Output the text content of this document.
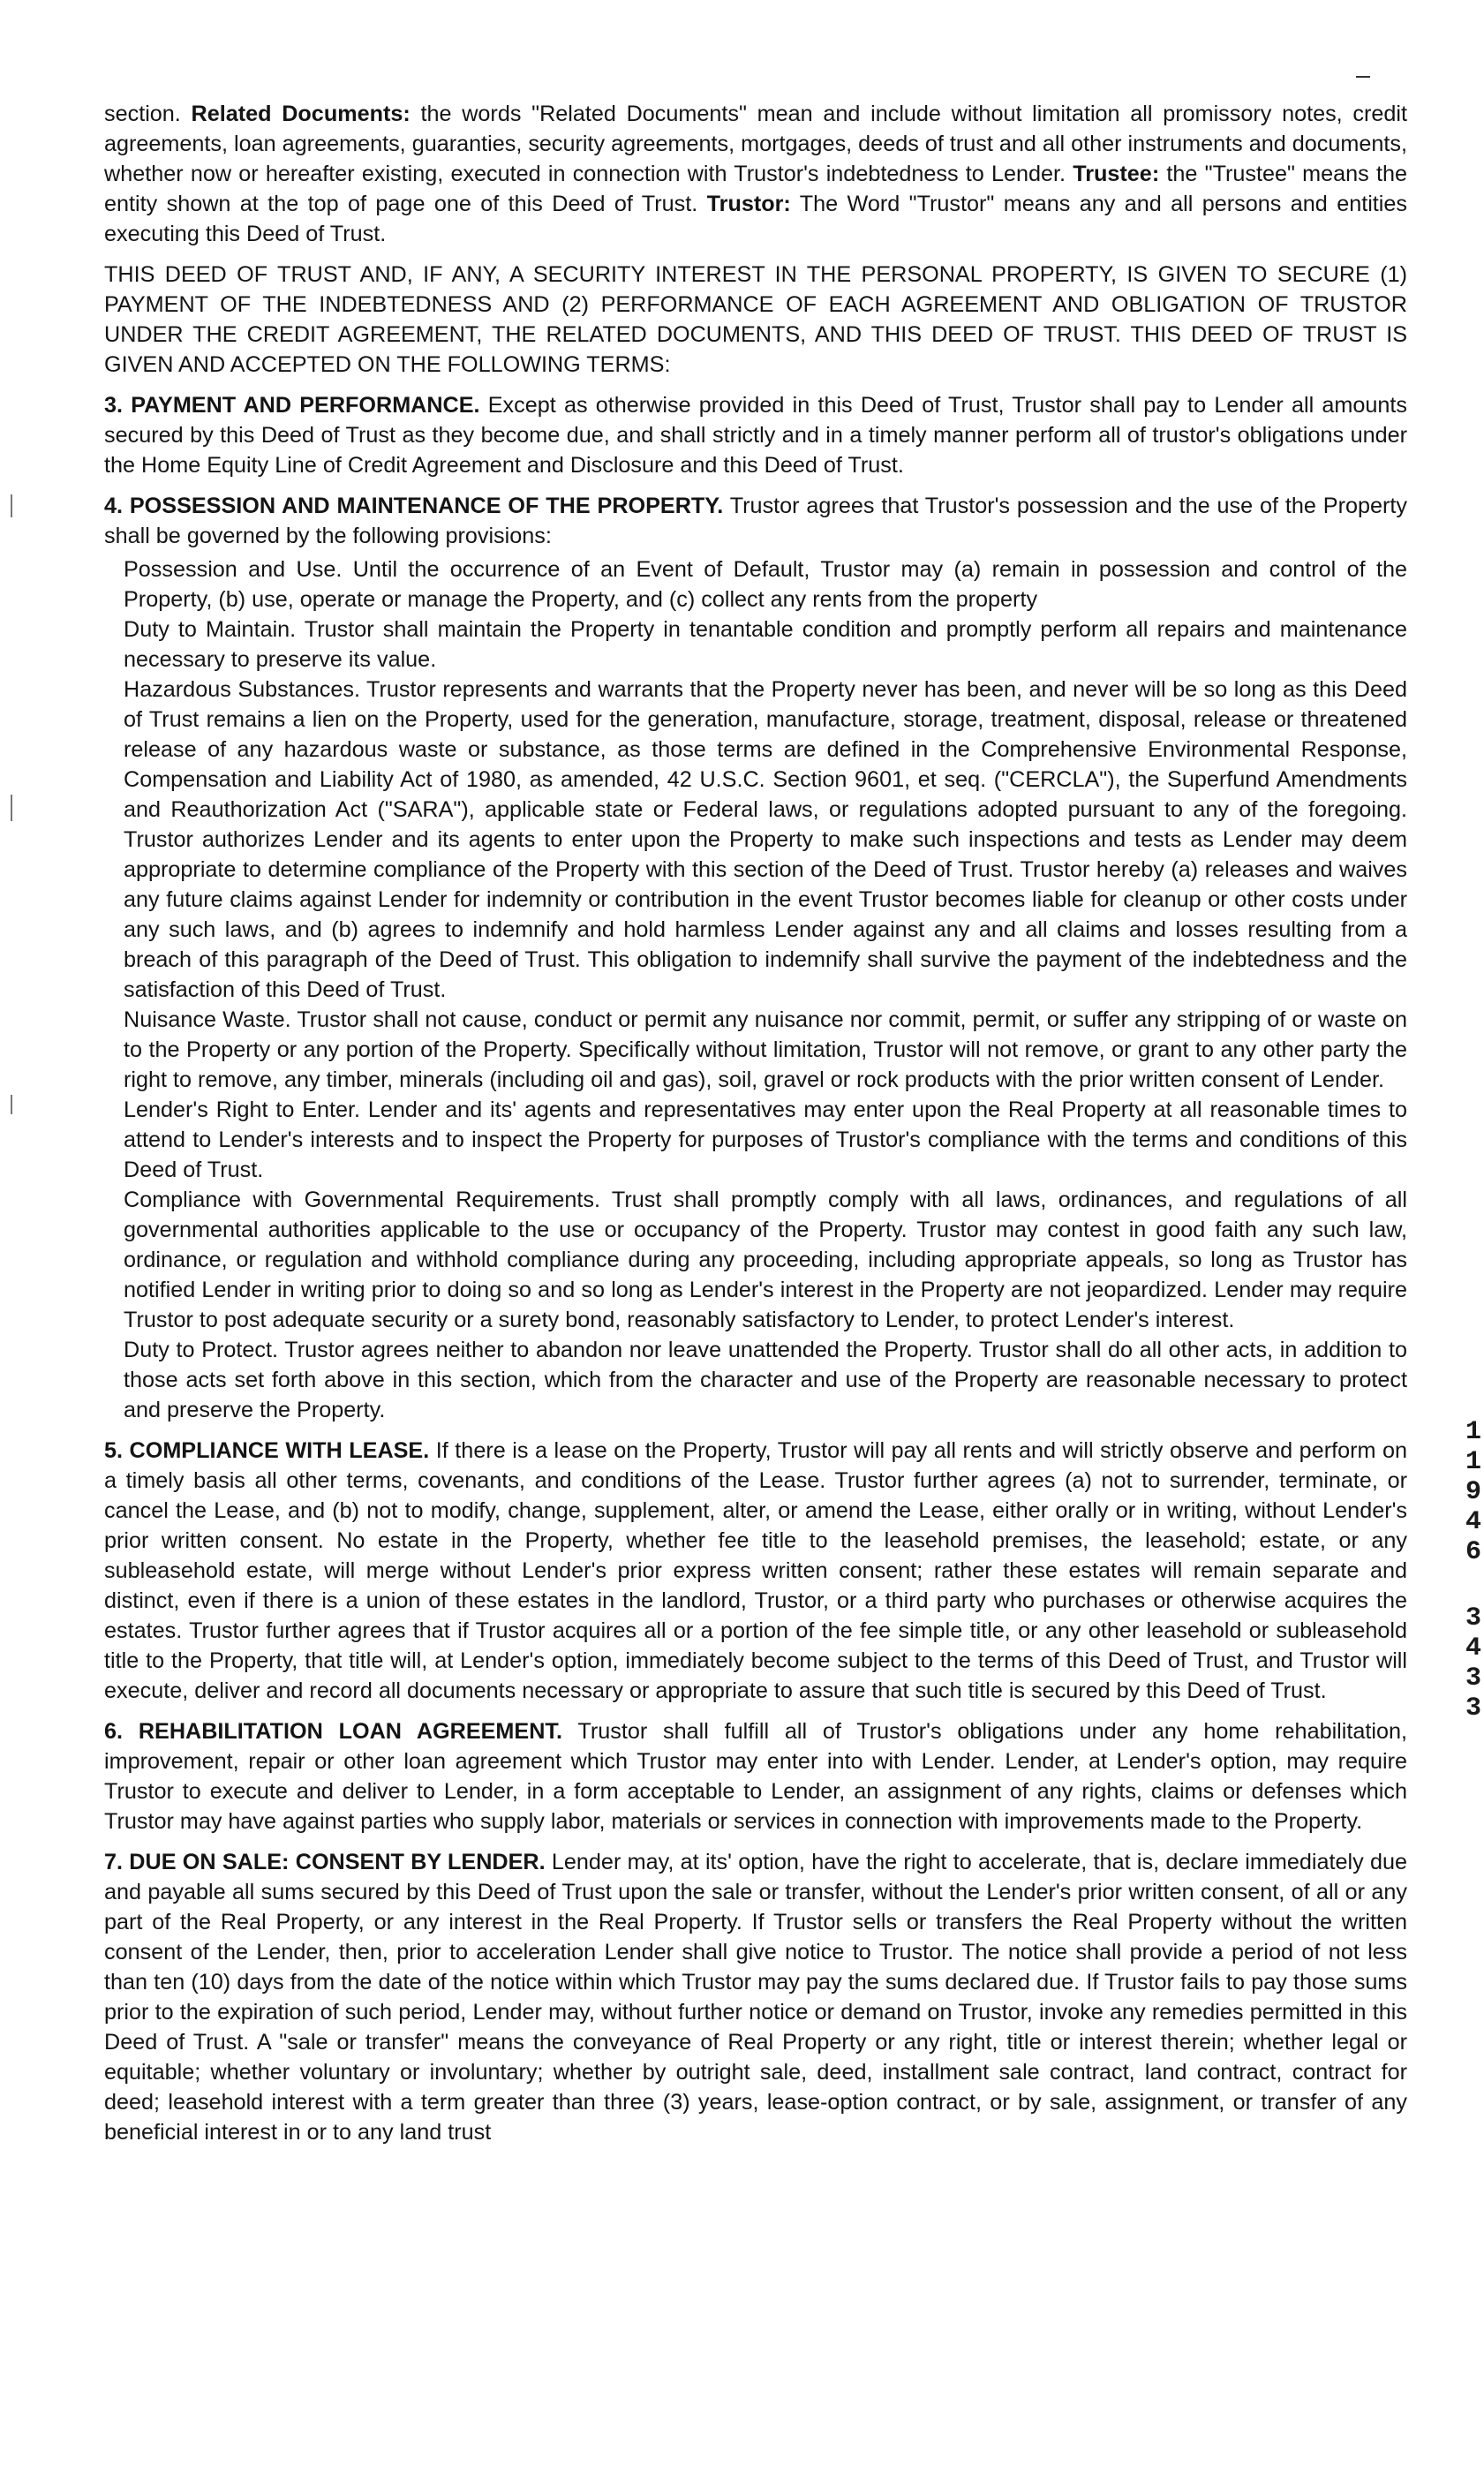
section. Related Documents: the words "Related Documents" mean and include without limitation all promissory notes, credit agreements, loan agreements, guaranties, security agreements, mortgages, deeds of trust and all other instruments and documents, whether now or hereafter existing, executed in connection with Trustor's indebtedness to Lender. Trustee: the "Trustee" means the entity shown at the top of page one of this Deed of Trust. Trustor: The Word "Trustor" means any and all persons and entities executing this Deed of Trust.

THIS DEED OF TRUST AND, IF ANY, A SECURITY INTEREST IN THE PERSONAL PROPERTY, IS GIVEN TO SECURE (1) PAYMENT OF THE INDEBTEDNESS AND (2) PERFORMANCE OF EACH AGREEMENT AND OBLIGATION OF TRUSTOR UNDER THE CREDIT AGREEMENT, THE RELATED DOCUMENTS, AND THIS DEED OF TRUST. THIS DEED OF TRUST IS GIVEN AND ACCEPTED ON THE FOLLOWING TERMS:

3. PAYMENT AND PERFORMANCE. Except as otherwise provided in this Deed of Trust, Trustor shall pay to Lender all amounts secured by this Deed of Trust as they become due, and shall strictly and in a timely manner perform all of trustor's obligations under the Home Equity Line of Credit Agreement and Disclosure and this Deed of Trust.

4. POSSESSION AND MAINTENANCE OF THE PROPERTY. Trustor agrees that Trustor's possession and the use of the Property shall be governed by the following provisions:

Possession and Use. Until the occurrence of an Event of Default, Trustor may (a) remain in possession and control of the Property, (b) use, operate or manage the Property, and (c) collect any rents from the property

Duty to Maintain. Trustor shall maintain the Property in tenantable condition and promptly perform all repairs and maintenance necessary to preserve its value.

Hazardous Substances. Trustor represents and warrants that the Property never has been, and never will be so long as this Deed of Trust remains a lien on the Property, used for the generation, manufacture, storage, treatment, disposal, release or threatened release of any hazardous waste or substance, as those terms are defined in the Comprehensive Environmental Response, Compensation and Liability Act of 1980, as amended, 42 U.S.C. Section 9601, et seq. ("CERCLA"), the Superfund Amendments and Reauthorization Act ("SARA"), applicable state or Federal laws, or regulations adopted pursuant to any of the foregoing. Trustor authorizes Lender and its agents to enter upon the Property to make such inspections and tests as Lender may deem appropriate to determine compliance of the Property with this section of the Deed of Trust. Trustor hereby (a) releases and waives any future claims against Lender for indemnity or contribution in the event Trustor becomes liable for cleanup or other costs under any such laws, and (b) agrees to indemnify and hold harmless Lender against any and all claims and losses resulting from a breach of this paragraph of the Deed of Trust. This obligation to indemnify shall survive the payment of the indebtedness and the satisfaction of this Deed of Trust.

Nuisance Waste. Trustor shall not cause, conduct or permit any nuisance nor commit, permit, or suffer any stripping of or waste on to the Property or any portion of the Property. Specifically without limitation, Trustor will not remove, or grant to any other party the right to remove, any timber, minerals (including oil and gas), soil, gravel or rock products with the prior written consent of Lender.

Lender's Right to Enter. Lender and its' agents and representatives may enter upon the Real Property at all reasonable times to attend to Lender's interests and to inspect the Property for purposes of Trustor's compliance with the terms and conditions of this Deed of Trust.

Compliance with Governmental Requirements. Trust shall promptly comply with all laws, ordinances, and regulations of all governmental authorities applicable to the use or occupancy of the Property. Trustor may contest in good faith any such law, ordinance, or regulation and withhold compliance during any proceeding, including appropriate appeals, so long as Trustor has notified Lender in writing prior to doing so and so long as Lender's interest in the Property are not jeopardized. Lender may require Trustor to post adequate security or a surety bond, reasonably satisfactory to Lender, to protect Lender's interest.

Duty to Protect. Trustor agrees neither to abandon nor leave unattended the Property. Trustor shall do all other acts, in addition to those acts set forth above in this section, which from the character and use of the Property are reasonable necessary to protect and preserve the Property.

5. COMPLIANCE WITH LEASE. If there is a lease on the Property, Trustor will pay all rents and will strictly observe and perform on a timely basis all other terms, covenants, and conditions of the Lease. Trustor further agrees (a) not to surrender, terminate, or cancel the Lease, and (b) not to modify, change, supplement, alter, or amend the Lease, either orally or in writing, without Lender's prior written consent. No estate in the Property, whether fee title to the leasehold premises, the leasehold; estate, or any subleasehold estate, will merge without Lender's prior express written consent; rather these estates will remain separate and distinct, even if there is a union of these estates in the landlord, Trustor, or a third party who purchases or otherwise acquires the estates. Trustor further agrees that if Trustor acquires all or a portion of the fee simple title, or any other leasehold or subleasehold title to the Property, that title will, at Lender's option, immediately become subject to the terms of this Deed of Trust, and Trustor will execute, deliver and record all documents necessary or appropriate to assure that such title is secured by this Deed of Trust.

6. REHABILITATION LOAN AGREEMENT. Trustor shall fulfill all of Trustor's obligations under any home rehabilitation, improvement, repair or other loan agreement which Trustor may enter into with Lender. Lender, at Lender's option, may require Trustor to execute and deliver to Lender, in a form acceptable to Lender, an assignment of any rights, claims or defenses which Trustor may have against parties who supply labor, materials or services in connection with improvements made to the Property.

7. DUE ON SALE: CONSENT BY LENDER. Lender may, at its' option, have the right to accelerate, that is, declare immediately due and payable all sums secured by this Deed of Trust upon the sale or transfer, without the Lender's prior written consent, of all or any part of the Real Property, or any interest in the Real Property. If Trustor sells or transfers the Real Property without the written consent of the Lender, then, prior to acceleration Lender shall give notice to Trustor. The notice shall provide a period of not less than ten (10) days from the date of the notice within which Trustor may pay the sums declared due. If Trustor fails to pay those sums prior to the expiration of such period, Lender may, without further notice or demand on Trustor, invoke any remedies permitted in this Deed of Trust. A "sale or transfer" means the conveyance of Real Property or any right, title or interest therein; whether legal or equitable; whether voluntary or involuntary; whether by outright sale, deed, installment sale contract, land contract, contract for deed; leasehold interest with a term greater than three (3) years, lease-option contract, or by sale, assignment, or transfer of any beneficial interest in or to any land trust

1
1
9
4
6
3
4
3
3
